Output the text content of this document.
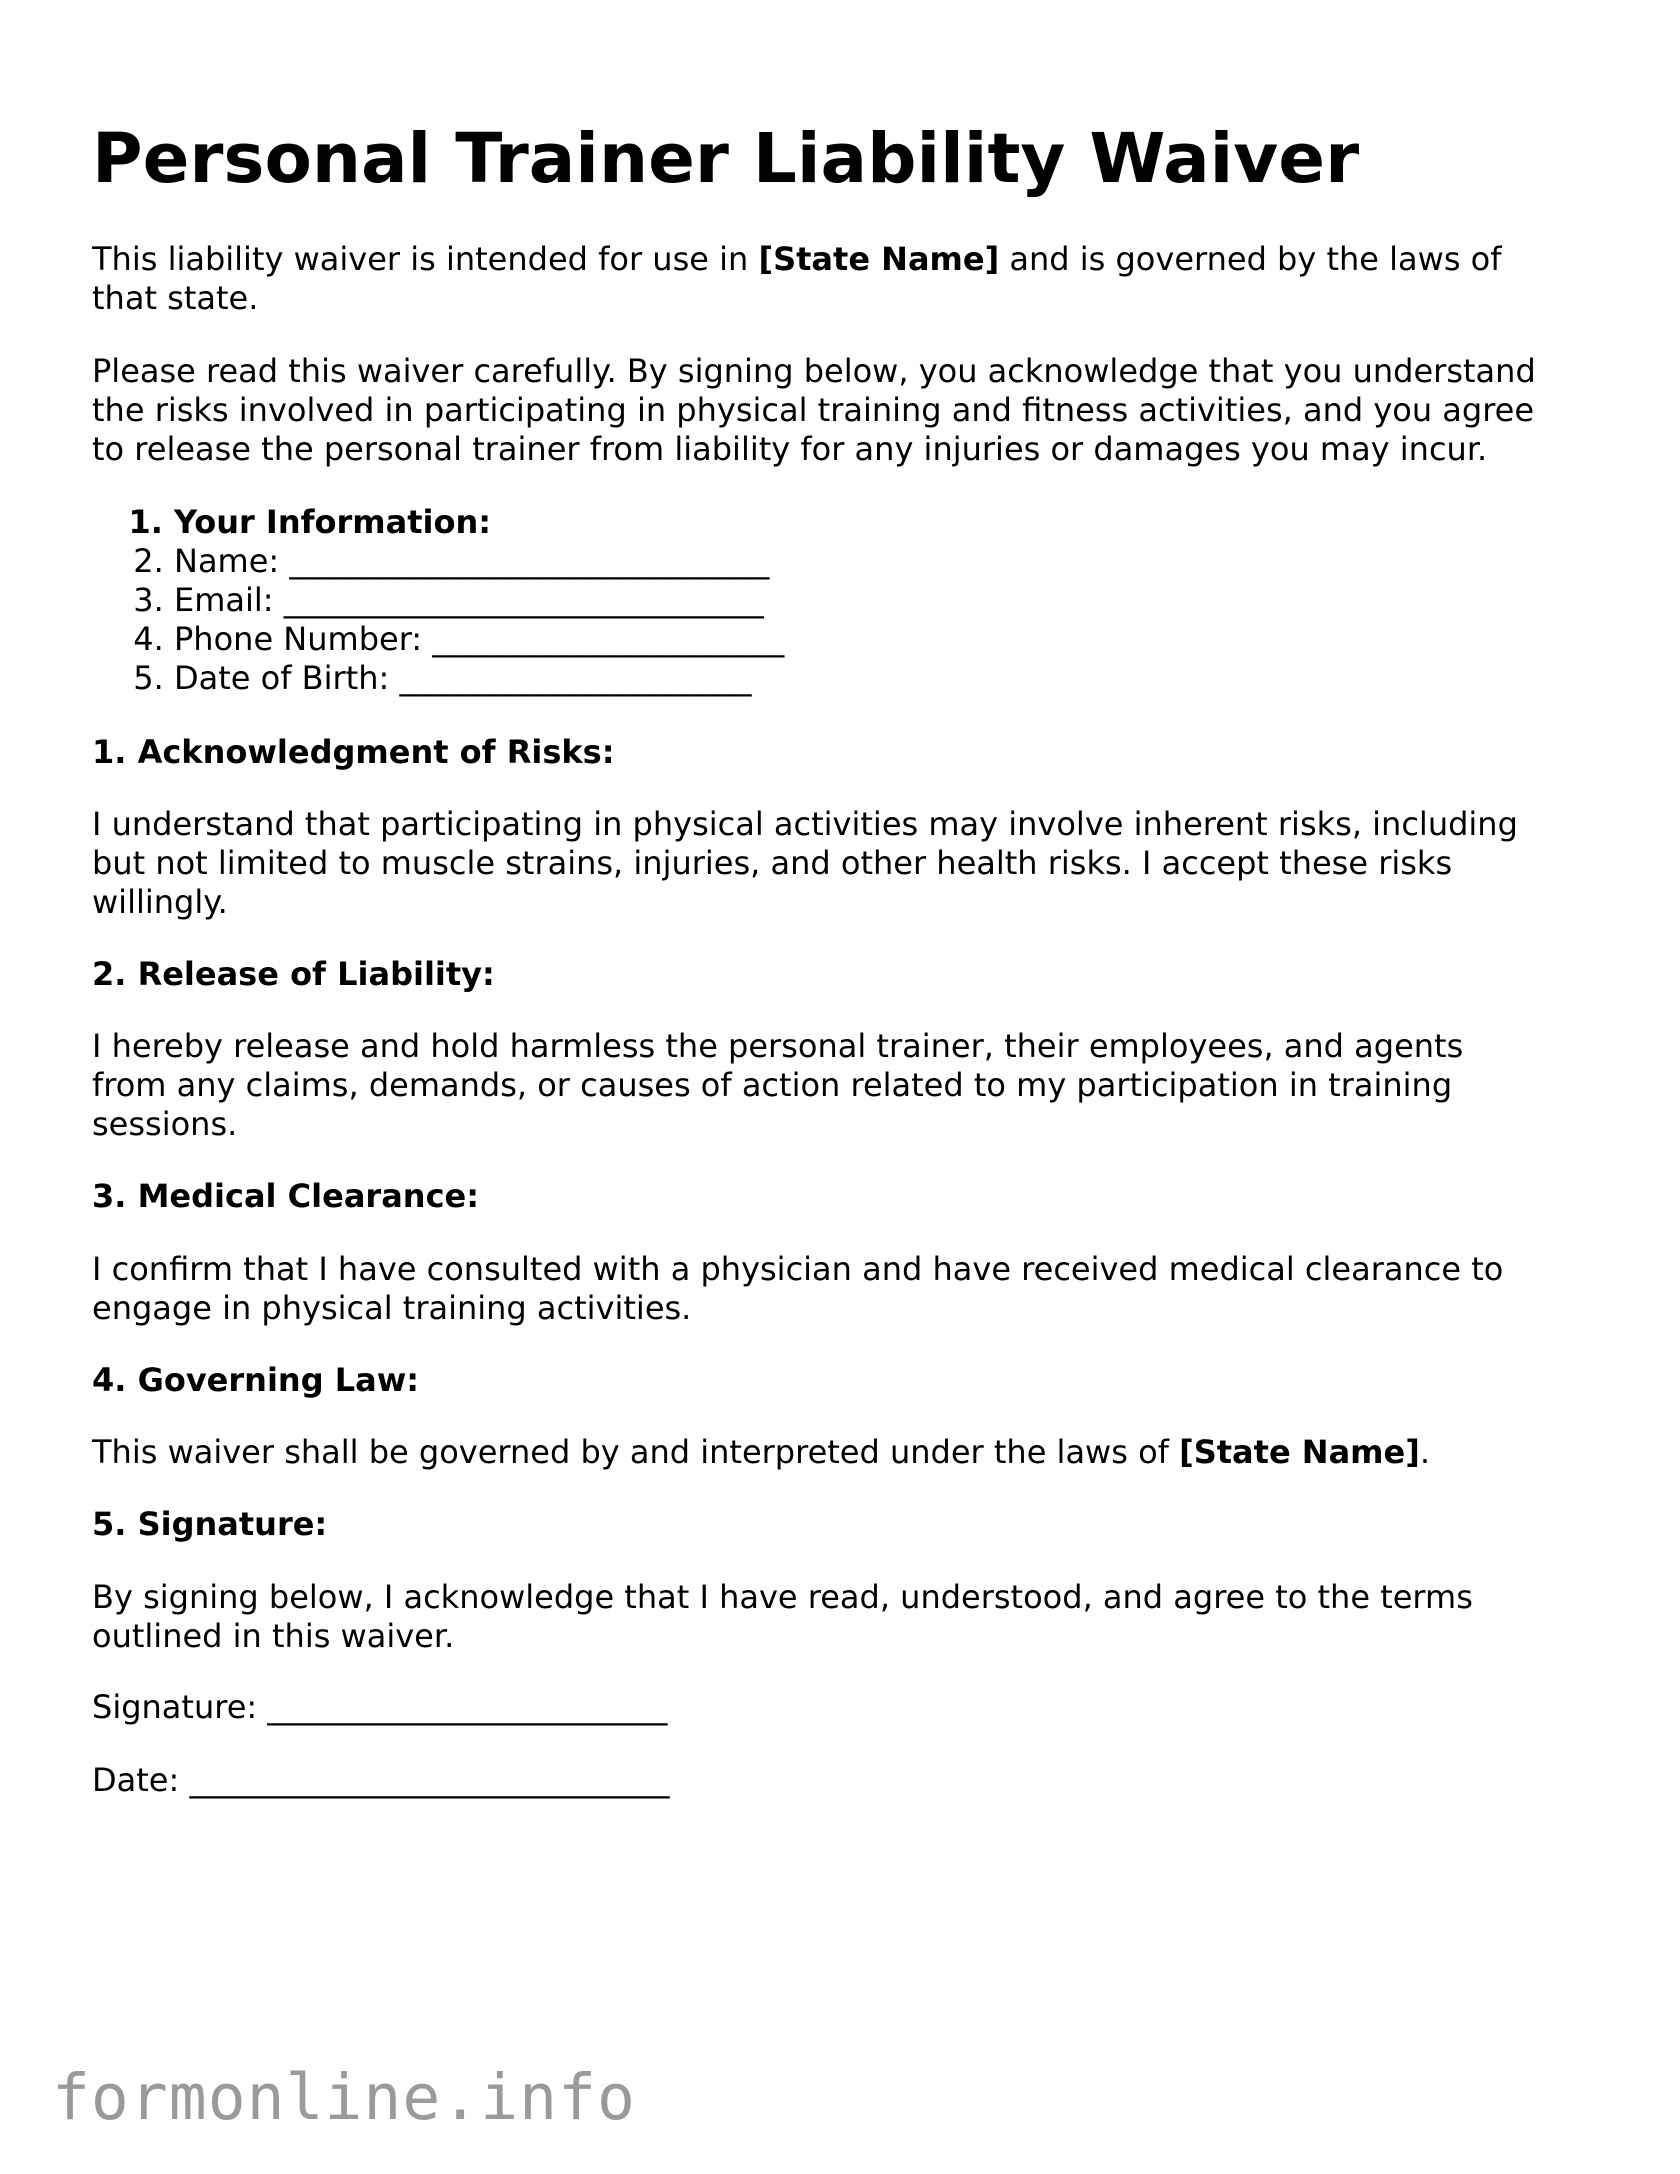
Personal Trainer Liability Waiver

This liability waiver is intended for use in [State Name] and is governed by the laws of
that state.

Please read this waiver carefully. By signing below, you acknowledge that you understand
the risks involved in participating in physical training and fitness activities, and you agree
to release the personal trainer from liability for any injuries or damages you may incur.

1. Your Information:
2. Name: ______________________________
3. Email: ______________________________
4. Phone Number: ______________________
5. Date of Birth: ______________________
1. Acknowledgment of Risks:

I understand that participating in physical activities may involve inherent risks, including
but not limited to muscle strains, injuries, and other health risks. I accept these risks
willingly.

2. Release of Liability:

I hereby release and hold harmless the personal trainer, their employees, and agents
from any claims, demands, or causes of action related to my participation in training
sessions.

3. Medical Clearance:

I confirm that I have consulted with a physician and have received medical clearance to
engage in physical training activities.

4. Governing Law:

This waiver shall be governed by and interpreted under the laws of [State Name].

5. Signature:

By signing below, I acknowledge that I have read, understood, and agree to the terms
outlined in this waiver.

Signature: _________________________

Date: ______________________________

formonline.info
